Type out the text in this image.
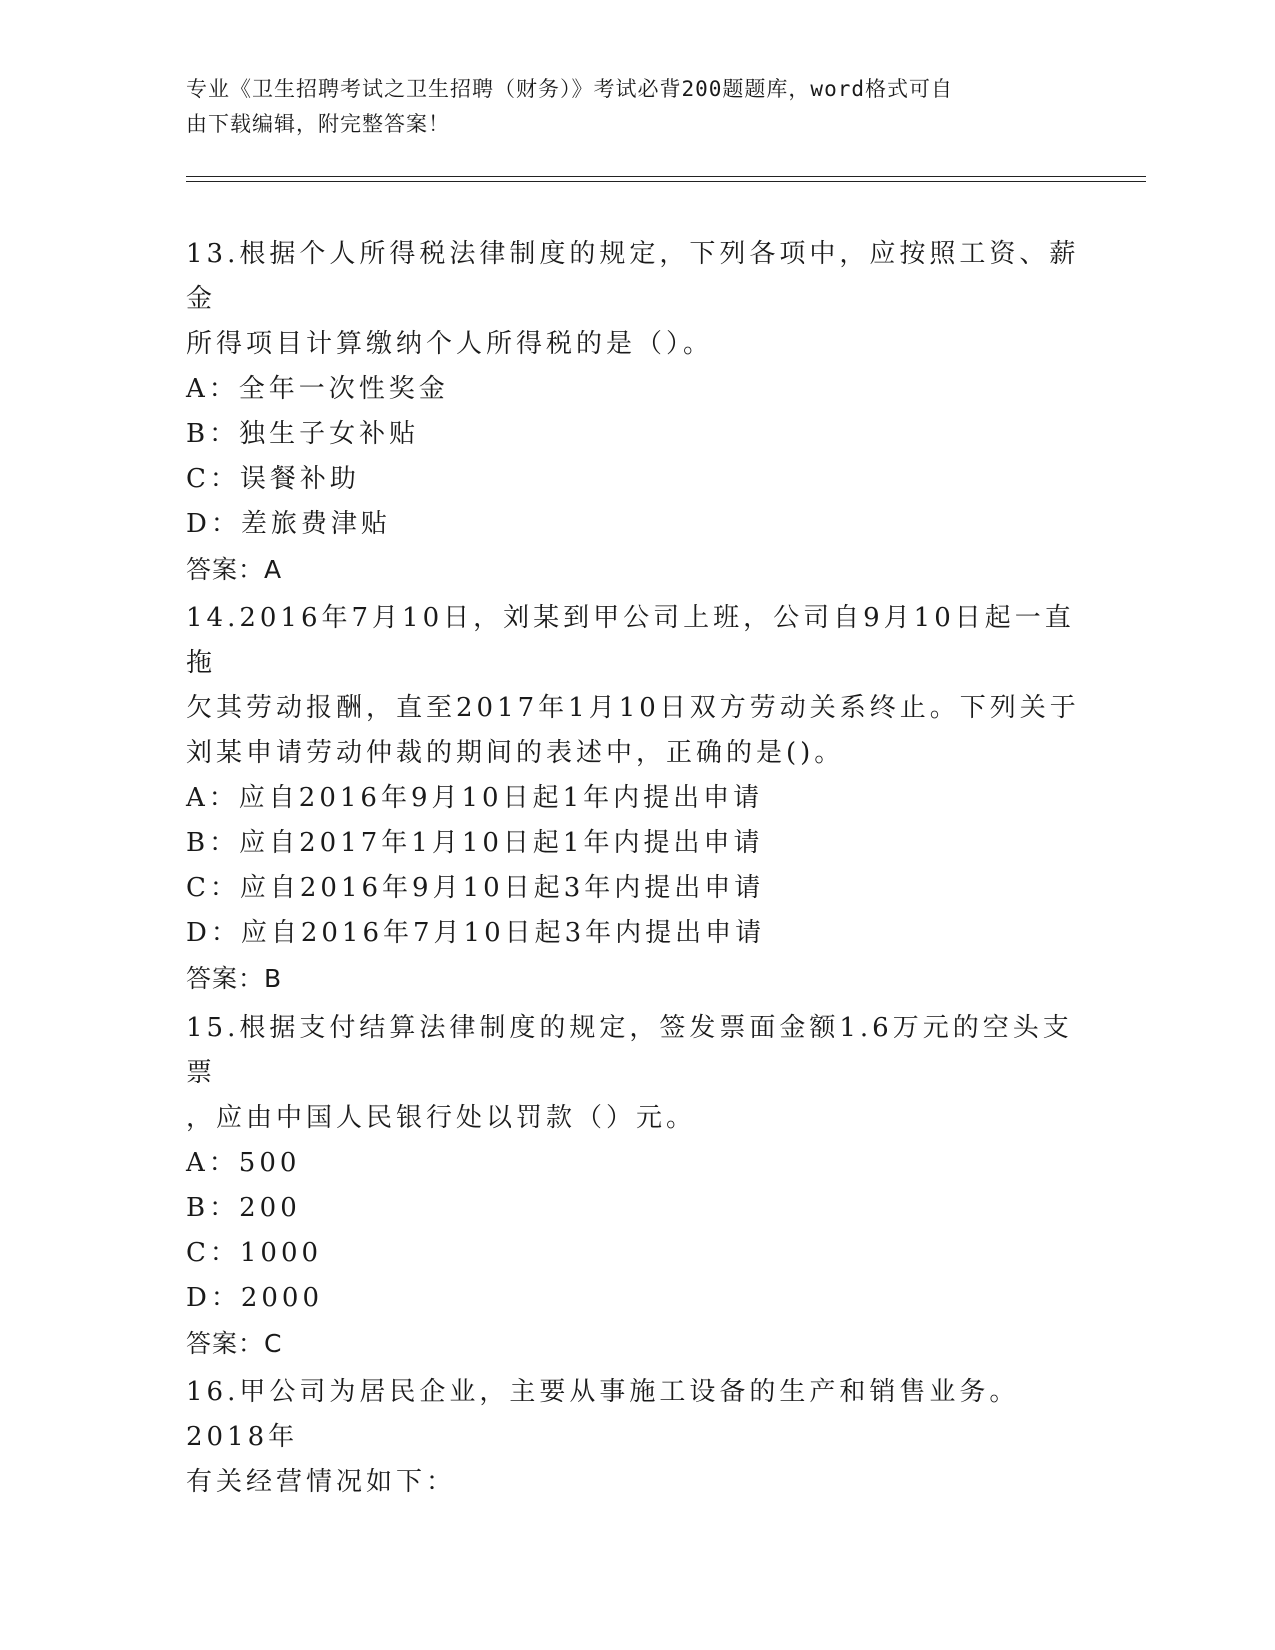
专业《卫生招聘考试之卫生招聘（财务）》考试必背200题题库，word格式可自
由下载编辑，附完整答案！
13.根据个人所得税法律制度的规定，下列各项中，应按照工资、薪金
所得项目计算缴纳个人所得税的是（）。
A：全年一次性奖金
B：独生子女补贴
C：误餐补助
D：差旅费津贴
答案：A
14.2016年7月10日，刘某到甲公司上班，公司自9月10日起一直拖
欠其劳动报酬，直至2017年1月10日双方劳动关系终止。下列关于
刘某申请劳动仲裁的期间的表述中，正确的是()。
A：应自2016年9月10日起1年内提出申请
B：应自2017年1月10日起1年内提出申请
C：应自2016年9月10日起3年内提出申请
D：应自2016年7月10日起3年内提出申请
答案：B
15.根据支付结算法律制度的规定，签发票面金额1.6万元的空头支票
，应由中国人民银行处以罚款（）元。
A：500
B：200
C：1000
D：2000
答案：C
16.甲公司为居民企业，主要从事施工设备的生产和销售业务。2018年
有关经营情况如下：
